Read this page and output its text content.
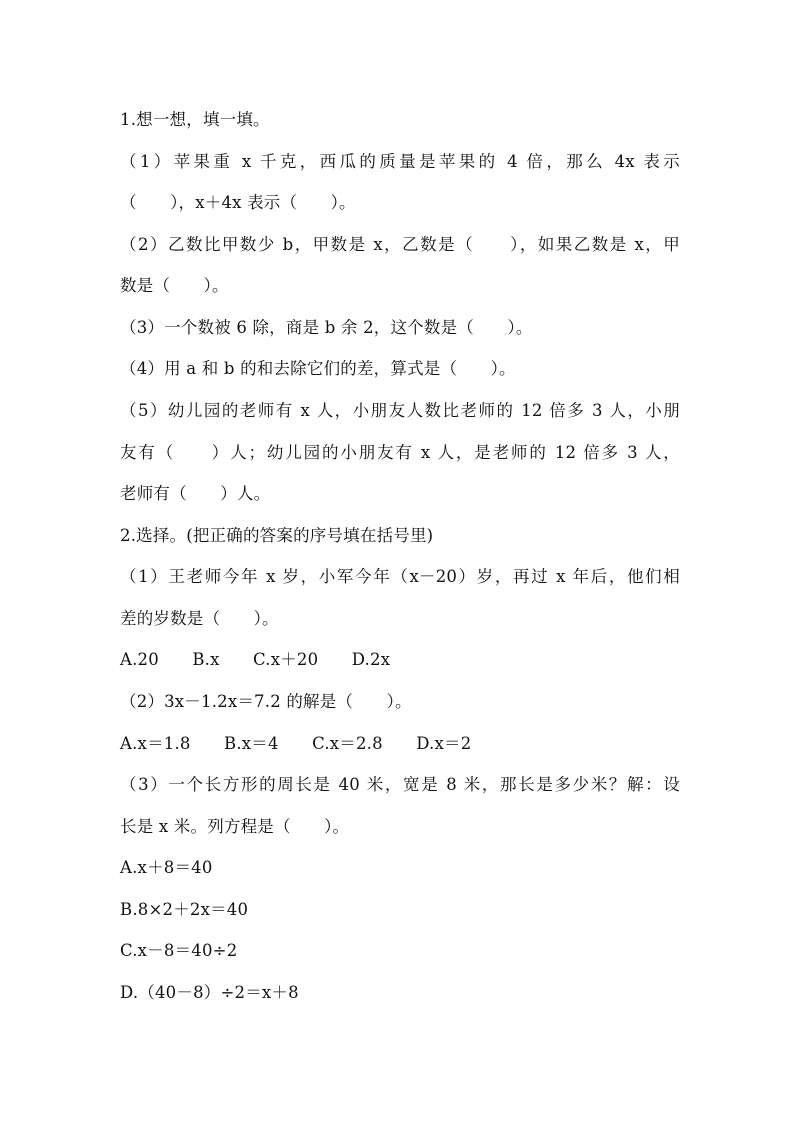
1.想一想，填一填。
（1）苹果重 x 千克，西瓜的质量是苹果的 4 倍，那么 4x 表示
（　　），x＋4x 表示（　　）。
（2）乙数比甲数少 b，甲数是 x，乙数是（　　），如果乙数是 x，甲
数是（　　）。
（3）一个数被 6 除，商是 b 余 2，这个数是（　　）。
（4）用 a 和 b 的和去除它们的差，算式是（　　）。
（5）幼儿园的老师有 x 人，小朋友人数比老师的 12 倍多 3 人，小朋
友有（　　）人；幼儿园的小朋友有 x 人，是老师的 12 倍多 3 人，
老师有（　　）人。
2.选择。(把正确的答案的序号填在括号里)
（1）王老师今年 x 岁，小军今年（x－20）岁，再过 x 年后，他们相
差的岁数是（　　）。
A.20　　B.x　　C.x＋20　　D.2x
（2）3x－1.2x＝7.2 的解是（　　）。
A.x＝1.8　　B.x＝4　　C.x＝2.8　　D.x＝2
（3）一个长方形的周长是 40 米，宽是 8 米，那长是多少米？解：设
长是 x 米。列方程是（　　）。
A.x＋8＝40
B.8×2＋2x＝40
C.x－8＝40÷2
D.（40－8）÷2＝x＋8
